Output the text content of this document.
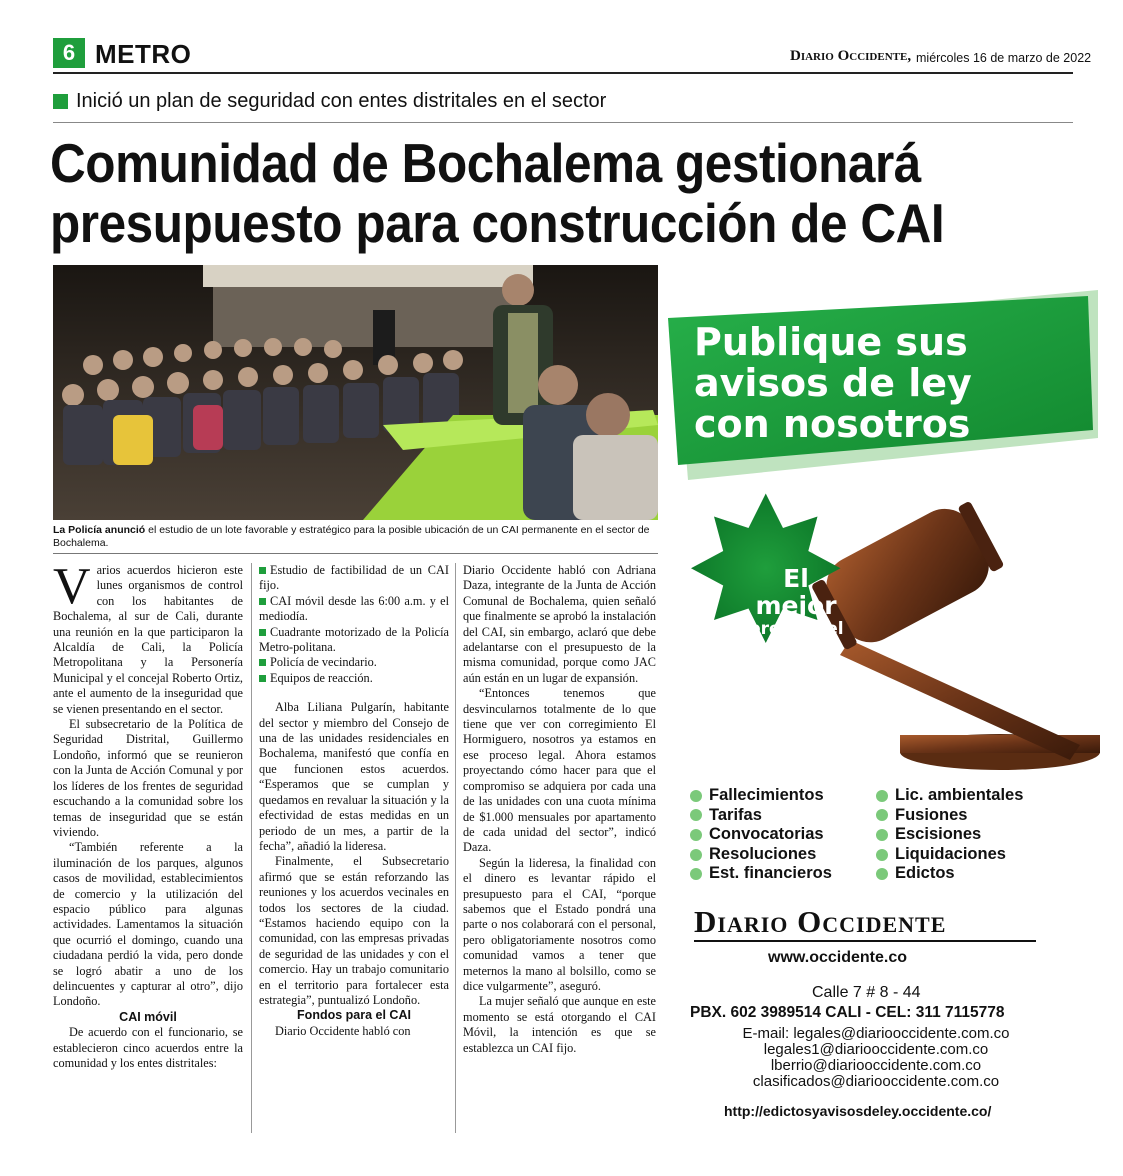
6 METRO	Diario Occidente, miércoles 16 de marzo de 2022
Inició un plan de seguridad con entes distritales en el sector
Comunidad de Bochalema gestionará
presupuesto para construcción de CAI
La Policía anunció el estudio de un lote favorable y estratégico para la posible ubicación de un CAI permanente en el sector de Bochalema.

Varios acuerdos hicieron este lunes organismos de control con los habitantes de Bochalema, al sur de Cali, durante una reunión en la que participaron la Alcaldía de Cali, la Policía Metropolitana y la Personería Municipal y el concejal Roberto Ortiz, ante el aumento de la inseguridad que se vienen presentando en el sector.

El subsecretario de la Política de Seguridad Distrital, Guillermo Londoño, informó que se reunieron con la Junta de Acción Comunal y por los líderes de los frentes de seguridad escuchando a la comunidad sobre los temas de inseguridad que se están viviendo.

“También referente a la iluminación de los parques, algunos casos de movilidad, establecimientos de comercio y la utilización del espacio público para algunas actividades. Lamentamos la situación que ocurrió el domingo, cuando una ciudadana perdió la vida, pero donde se logró abatir a uno de los delincuentes y capturar al otro”, dijo Londoño.

CAI móvil

De acuerdo con el funcionario, se establecieron cinco acuerdos entre la comunidad y los entes distritales:

Estudio de factibilidad de un CAI fijo.

CAI móvil desde las 6:00 a.m. y el mediodía.

Cuadrante motorizado de la Policía Metro-politana.

Policía de vecindario.

Equipos de reacción.

Alba Liliana Pulgarín, habitante del sector y miembro del Consejo de una de las unidades residenciales en Bochalema, manifestó que confía en que funcionen estos acuerdos. “Esperamos que se cumplan y quedamos en revaluar la situación y la efectividad de estas medidas en un periodo de un mes, a partir de la fecha”, añadió la lideresa.

Finalmente, el Subsecretario afirmó que se están reforzando las reuniones y los acuerdos vecinales en todos los sectores de la ciudad. “Estamos haciendo equipo con la comunidad, con las empresas privadas de seguridad de las unidades y con el comercio. Hay un trabajo comunitario en el territorio para fortalecer esta estrategia”, puntualizó Londoño.

Fondos para el CAI

Diario Occidente habló con

Diario Occidente habló con Adriana Daza, integrante de la Junta de Acción Comunal de Bochalema, quien señaló que finalmente se aprobó la instalación del CAI, sin embargo, aclaró que debe adelantarse con el presupuesto de la misma comunidad, porque como JAC aún están en un lugar de expansión.

“Entonces tenemos que desvincularnos totalmente de lo que tiene que ver con corregimiento El Hormiguero, nosotros ya estamos en ese proceso legal. Ahora estamos proyectando cómo hacer para que el compromiso se adquiera por cada una de las unidades con una cuota mínima de $1.000 mensuales por apartamento de cada unidad del sector”, indicó Daza.

Según la lideresa, la finalidad con el dinero es levantar rápido el presupuesto para el CAI, “porque sabemos que el Estado pondrá una parte o nos colaborará con el personal, pero obligatoriamente nosotros como comunidad vamos a tener que meternos la mano al bolsillo, como se dice vulgarmente”, aseguró.

La mujer señaló que aunque en este momento se está otorgando el CAI Móvil, la intención es que se establezca un CAI fijo.

Publique sus
avisos de ley
con nosotros
El
mejor
precio del
mercado
Fallecimientos
Tarifas
Convocatorias
Resoluciones
Est. financieros
Lic. ambientales
Fusiones
Escisiones
Liquidaciones
Edictos
Diario Occidente
www.occidente.co
Calle 7 # 8 - 44
PBX. 602 3989514 CALI - CEL: 311 7115778
E-mail: legales@diariooccidente.com.co
legales1@diariooccidente.com.co
lberrio@diariooccidente.com.co
clasificados@diariooccidente.com.co
http://edictosyavisosdeley.occidente.co/
